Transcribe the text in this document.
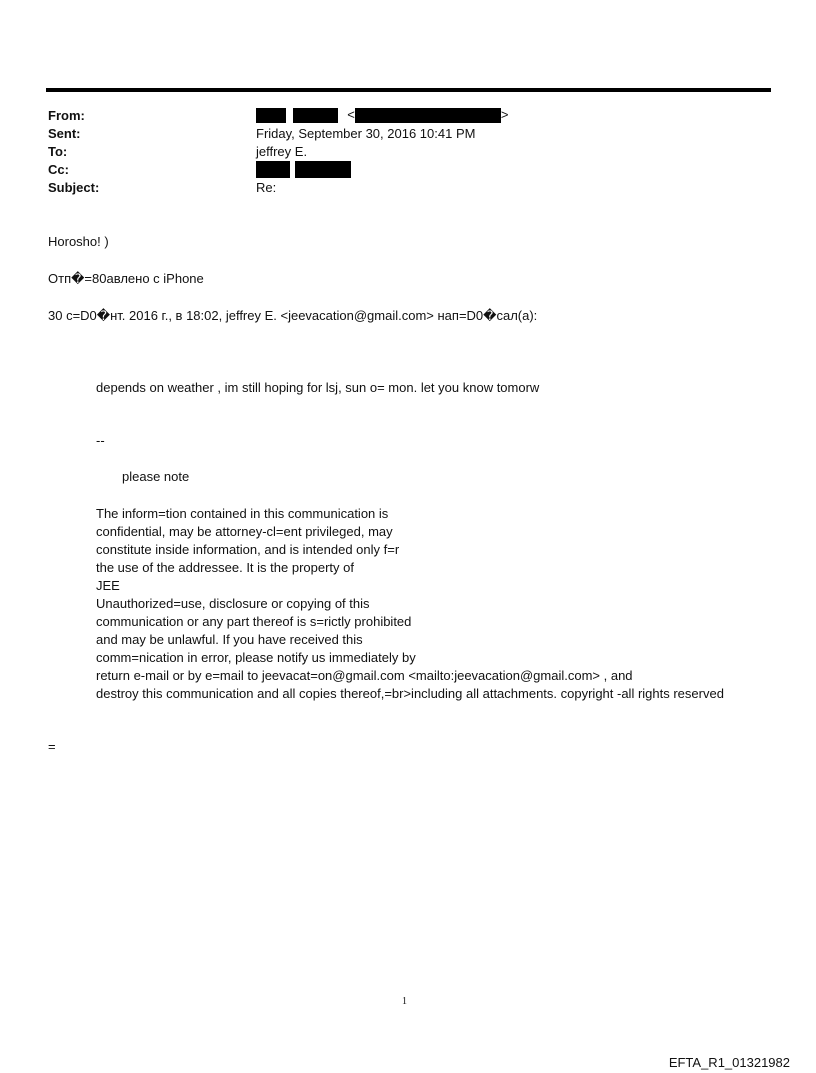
From:
Sent:
To:
Cc:
Subject:
<	>
Friday, September 30, 2016 10:41 PM
jeffrey E.

Re:
Horosho! )
Отп�=80авлено с iPhone
30 с=D0�нт. 2016 г., в 18:02, jeffrey E. <jeevacation@gmail.com> нап=D0�сал(а):
depends on weather , im still hoping for lsj, sun o= mon. let you know tomorw
--
please note
The inform=tion contained in this communication is
confidential, may be attorney-cl=ent privileged, may
constitute inside information, and is intended only f=r
the use of the addressee. It is the property of
JEE
Unauthorized=use, disclosure or copying of this
communication or any part thereof is s=rictly prohibited
and may be unlawful. If you have received this
comm=nication in error, please notify us immediately by
return e-mail or by e=mail to jeevacat=on@gmail.com <mailto:jeevacation@gmail.com> , and
destroy this communication and all copies thereof,=br>including all attachments. copyright -all rights reserved
=
1
EFTA_R1_01321982
